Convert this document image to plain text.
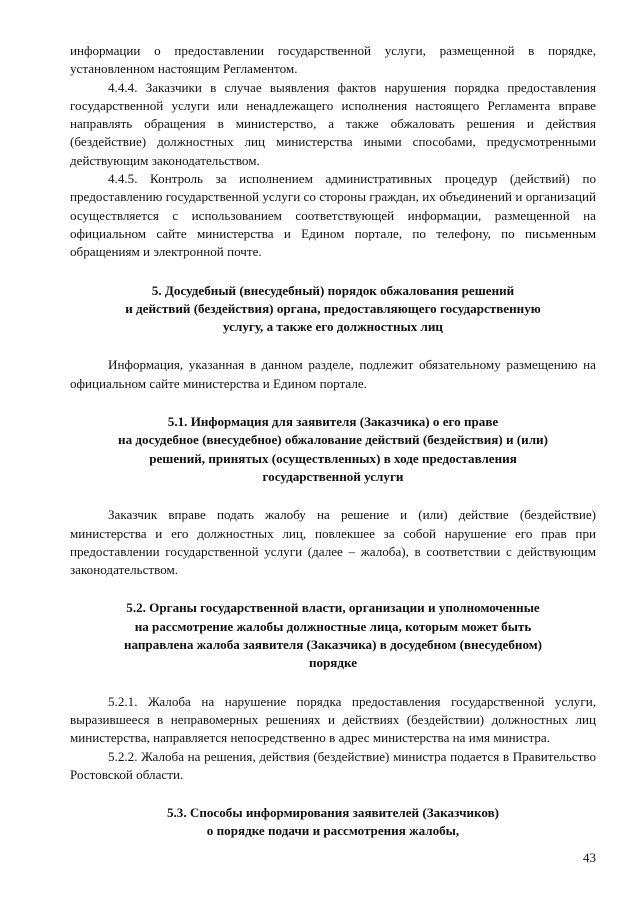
информации о предоставлении государственной услуги, размещенной в порядке, установленном настоящим Регламентом.

4.4.4. Заказчики в случае выявления фактов нарушения порядка предоставления государственной услуги или ненадлежащего исполнения настоящего Регламента вправе направлять обращения в министерство, а также обжаловать решения и действия (бездействие) должностных лиц министерства иными способами, предусмотренными действующим законодательством.

4.4.5. Контроль за исполнением административных процедур (действий) по предоставлению государственной услуги со стороны граждан, их объединений и организаций осуществляется с использованием соответствующей информации, размещенной на официальном сайте министерства и Едином портале, по телефону, по письменным обращениям и электронной почте.

5. Досудебный (внесудебный) порядок обжалования решений
и действий (бездействия) органа, предоставляющего государственную
услугу, а также его должностных лиц

Информация, указанная в данном разделе, подлежит обязательному размещению на официальном сайте министерства и Едином портале.

5.1. Информация для заявителя (Заказчика) о его праве
на досудебное (внесудебное) обжалование действий (бездействия) и (или)
решений, принятых (осуществленных) в ходе предоставления
государственной услуги

Заказчик вправе подать жалобу на решение и (или) действие (бездействие) министерства и его должностных лиц, повлекшее за собой нарушение его прав при предоставлении государственной услуги (далее – жалоба), в соответствии с действующим законодательством.

5.2. Органы государственной власти, организации и уполномоченные
на рассмотрение жалобы должностные лица, которым может быть
направлена жалоба заявителя (Заказчика) в досудебном (внесудебном)
порядке

5.2.1. Жалоба на нарушение порядка предоставления государственной услуги, выразившееся в неправомерных решениях и действиях (бездействии) должностных лиц министерства, направляется непосредственно в адрес министерства на имя министра.

5.2.2. Жалоба на решения, действия (бездействие) министра подается в Правительство Ростовской области.

5.3. Способы информирования заявителей (Заказчиков)
о порядке подачи и рассмотрения жалобы,
43
